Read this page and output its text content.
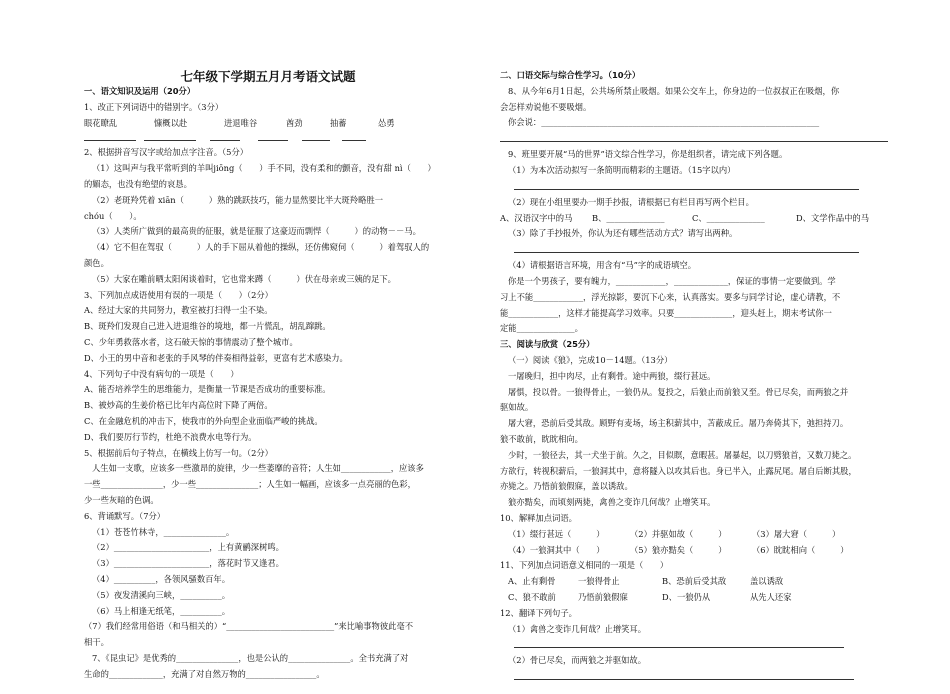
七年级下学期五月月考语文试题
一、语文知识及运用（20分）
1、改正下列词语中的错别字。（3分）
眼花瞭乱	慷概以赴	进退唯谷	酋劲	抽蓄	怂勇
2、根据拼音写汉字或给加点字注音。（5分）
（1）这叫声与我平常听到的羊叫jiōng（　　）手不同，没有柔和的颤音，没有甜 nì（　　）
的媚态，也没有绝望的哀恳。
（2）老斑羚凭着 xiān（　　　）熟的跳跃技巧，能力显然要比半大斑羚略胜一
chóu（　　）。
（3）人类所广做到的最高贵的征服，就是征服了这豪迈而剽悍（　　　）的动物－－马。
（4）它不但在驾驭（　　　）人的手下屈从着他的操纵，还仿佛窥伺（　　　）着驾驭人的
颜色。
（5）大家在雕前晒太阳闲谈着时，它也常来蹲（　　　）伏在母亲或三姨的足下。
3、下列加点成语使用有误的一项是（　　）（2分）
A、经过大家的共同努力，教室被打扫得一尘不染。
B、斑羚们发现自己进入进退维谷的境地，都一片慌乱，胡乱蹿跳。
C、少年勇救落水者，这石破天惊的事情震动了整个城市。
D、小王的男中音和老张的手风琴的伴奏相得益彰，更富有艺术感染力。
4、下列句子中没有病句的一项是（　　）
A、能否培养学生的思维能力，是衡量一节课是否成功的重要标准。
B、被炒高的生姜价格已比年内高位时下降了两倍。
C、在金融危机的冲击下，使我市的外向型企业面临严峻的挑战。
D、我们要厉行节约，杜绝不浪费水电等行为。
5、根据前后句子特点，在横线上仿写一句。（2分）
人生如一支歌，应该多一些激昂的旋律，少一些萎靡的音符；人生如____________，应该多
一些_______________，少一些_______________；人生如一幅画，应该多一点亮丽的色彩，
少一些灰暗的色调。
6、背诵默写。（7分）
（1）苍苍竹林寺，_______________。
（2）_______________________，上有黄鹂深树鸣。
（3）_______________________，落花时节又逢君。
（4）__________，各领风骚数百年。
（5）夜发清溪向三峡，__________。
（6）马上相逢无纸笔，__________。
（7）我们经常用俗语（和马相关的）“__________________________”来比喻事物彼此毫不
相干。
7、《昆虫记》是优秀的_______________，也是公认的_______________。全书充满了对
生命的_____________，充满了对自然万物的_________________。
二、口语交际与综合性学习。（10分）
8、从今年6月1日起，公共场所禁止吸烟。如果公交车上，你身边的一位叔叔正在吸烟，你
会怎样劝说他不要吸烟。
你会说：___________________________________________________________________
9、班里要开展“马的世界”语文综合性学习，你是组织者，请完成下列各题。
（1）为本次活动拟写一条简明而精彩的主题语。（15字以内）
（2）现在小组里要办一期手抄报，请根据已有栏目再写两个栏目。
A、汉语汉字中的马	B、______________	C、______________	D、文学作品中的马
（3）除了手抄报外，你认为还有哪些活动方式？请写出两种。
（4）请根据语言环境，用含有“马”字的成语填空。
你是一个男孩子，要有魄力，____________，_____________，保证的事情一定要做到。学
习上不能____________，浮光掠影，要沉下心来，认真落实。要多与同学讨论，虚心请教，不
能____________，这样才能提高学习效率。只要______________，迎头赶上，期末考试你一
定能______________。
三、阅读与欣赏（25分）
（一）阅读《狼》，完成10－14题。（13分）
一屠晚归，担中肉尽，止有剩骨。途中两狼，缀行甚远。
屠惧，投以骨。一狼得骨止，一狼仍从。复投之，后狼止而前狼又至。骨已尽矣，而两狼之并
驱如故。
屠大窘，恐前后受其敌。顾野有麦场，场主积薪其中，苫蔽成丘。屠乃奔倚其下，弛担持刀。
狼不敢前，眈眈相向。
少时，一狼径去，其一犬坐于前。久之，目似瞑，意暇甚。屠暴起，以刀劈狼首，又数刀毙之。
方欲行，转视积薪后，一狼洞其中，意将隧入以攻其后也。身已半入，止露尻尾。屠自后断其股，
亦毙之。乃悟前狼假寐，盖以诱敌。
狼亦黠矣，而顷刻两毙，禽兽之变诈几何哉？止增笑耳。
10、解释加点词语。
（1）缀行甚远（　　　）	（2）并驱如故（　　　）	（3）屠大窘（　　　）
（4）一狼洞其中（　　）	（5）狼亦黠矣（　　　）	（6）眈眈相向（　　　）
11、下列加点词语意义相同的一项是（　　）
A、止有剩骨	一狼得骨止	B、恐前后受其敌	盖以诱敌
C、狼不敢前	乃悟前狼假寐	D、一狼仍从	从先人还家
12、翻译下列句子。
（1）禽兽之变诈几何哉？止增笑耳。
（2）骨已尽矣，而两狼之并驱如故。
